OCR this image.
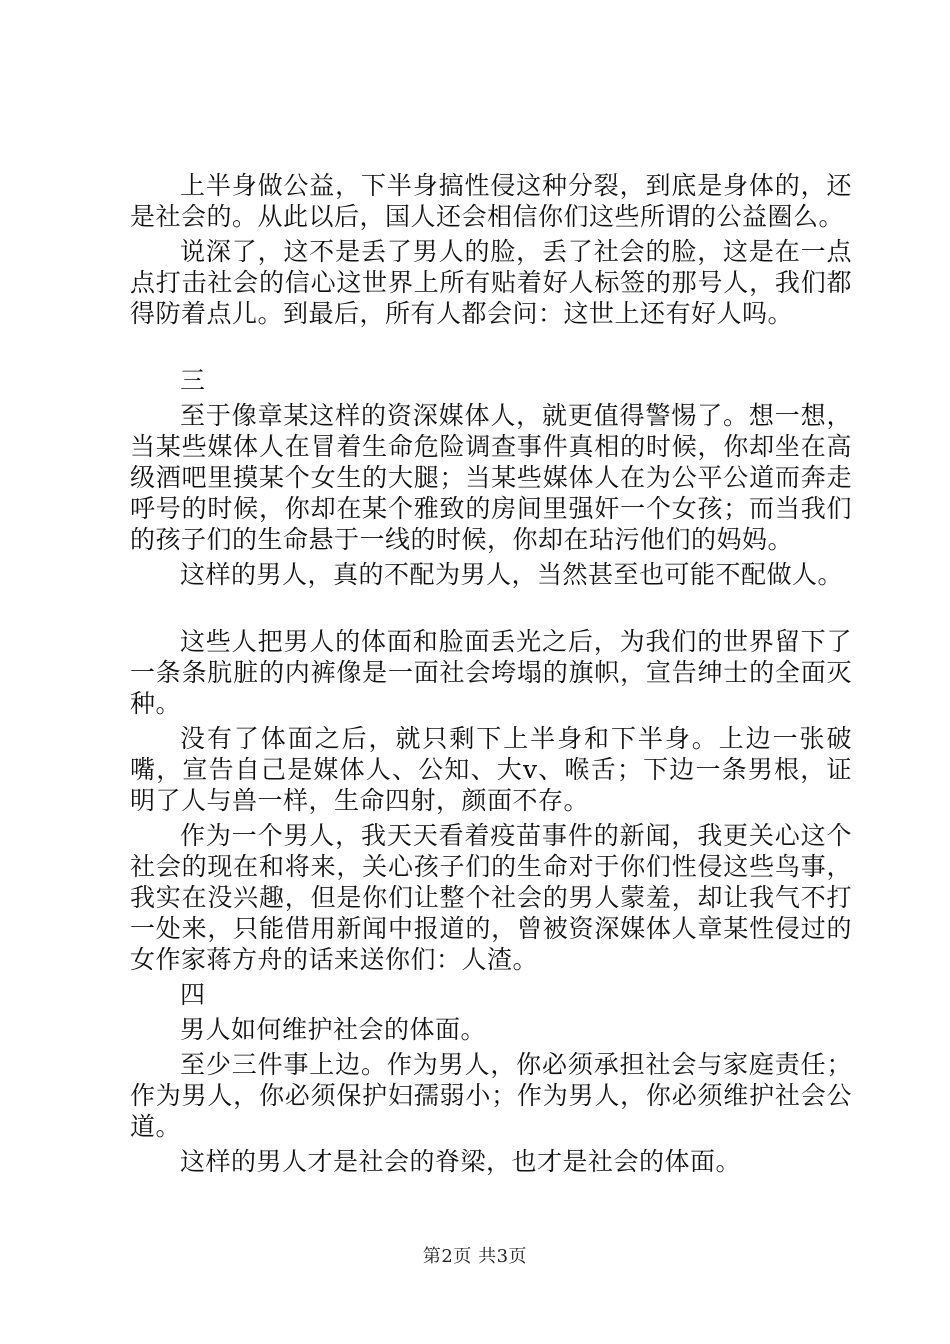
上半身做公益，下半身搞性侵这种分裂，到底是身体的，还是社会的。从此以后，国人还会相信你们这些所谓的公益圈么。

说深了，这不是丢了男人的脸，丢了社会的脸，这是在一点点打击社会的信心这世界上所有贴着好人标签的那号人，我们都得防着点儿。到最后，所有人都会问：这世上还有好人吗。

三

至于像章某这样的资深媒体人，就更值得警惕了。想一想，当某些媒体人在冒着生命危险调查事件真相的时候，你却坐在高级酒吧里摸某个女生的大腿；当某些媒体人在为公平公道而奔走呼号的时候，你却在某个雅致的房间里强奸一个女孩；而当我们的孩子们的生命悬于一线的时候，你却在玷污他们的妈妈。

这样的男人，真的不配为男人，当然甚至也可能不配做人。

这些人把男人的体面和脸面丢光之后，为我们的世界留下了一条条肮脏的内裤像是一面社会垮塌的旗帜，宣告绅士的全面灭种。

没有了体面之后，就只剩下上半身和下半身。上边一张破嘴，宣告自己是媒体人、公知、大v、喉舌；下边一条男根，证明了人与兽一样，生命四射，颜面不存。

作为一个男人，我天天看着疫苗事件的新闻，我更关心这个社会的现在和将来，关心孩子们的生命对于你们性侵这些鸟事，我实在没兴趣，但是你们让整个社会的男人蒙羞，却让我气不打一处来，只能借用新闻中报道的，曾被资深媒体人章某性侵过的女作家蒋方舟的话来送你们：人渣。

四

男人如何维护社会的体面。

至少三件事上边。作为男人，你必须承担社会与家庭责任；作为男人，你必须保护妇孺弱小；作为男人，你必须维护社会公道。

这样的男人才是社会的脊梁，也才是社会的体面。

第2页 共3页
